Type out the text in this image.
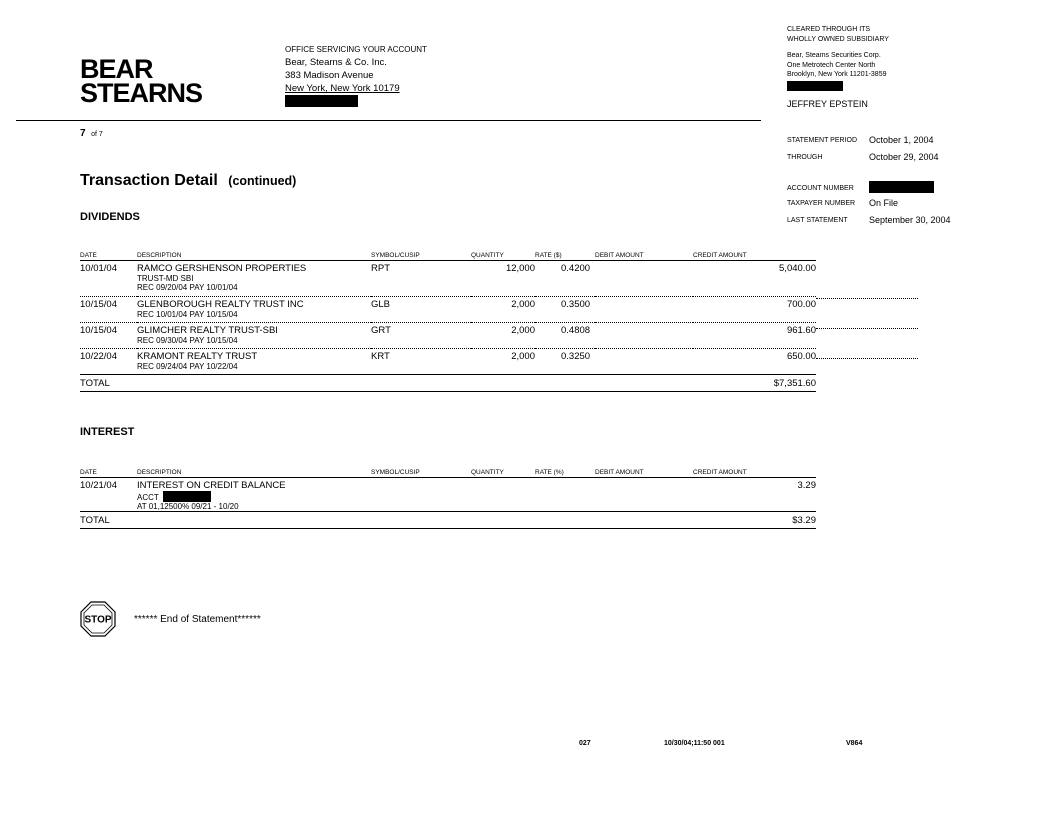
BEAR
STEARNS
OFFICE SERVICING YOUR ACCOUNT
Bear, Stearns & Co. Inc.
383 Madison Avenue
New York, New York 10179
CLEARED THROUGH ITS
WHOLLY OWNED SUBSIDIARY
Bear, Steams Securities Corp.
One Metrotech Center North
Brooklyn, New York 11201-3859
JEFFREY EPSTEIN
7 of 7
STATEMENT PERIOD October 1, 2004
THROUGH	October 29, 2004
ACCOUNT NUMBER
TAXPAYER NUMBER On File
LAST STATEMENT September 30, 2004
Transaction Detail (continued)
DIVIDENDS
DATE	DESCRIPTION	SYMBOL/CUSIP	QUANTITY	RATE ($)	DEBIT AMOUNT	CREDIT AMOUNT
10/01/04	RAMCO GERSHENSON PROPERTIES
TRUST-MD SBI
REC 09/20/04 PAY 10/01/04	RPT	12,000	0.4200		5,040.00
10/15/04	GLENBOROUGH REALTY TRUST INC
REC 10/01/04 PAY 10/15/04	GLB	2,000	0.3500		700.00
10/15/04	GLIMCHER REALTY TRUST-SBI
REC 09/30/04 PAY 10/15/04	GRT	2,000	0.4808		961.60
10/22/04	KRAMONT REALTY TRUST
REC 09/24/04 PAY 10/22/04	KRT	2,000	0.3250		650.00
TOTAL						$7,351.60
INTEREST
DATE	DESCRIPTION	SYMBOL/CUSIP	QUANTITY	RATE (%)	DEBIT AMOUNT	CREDIT AMOUNT
10/21/04	INTEREST ON CREDIT BALANCE
ACCT
AT 01,12500% 09/21 - 10/20					3.29
TOTAL						$3.29
STOP ****** End of Statement******
027	10/30/04;11:50 001	V864
